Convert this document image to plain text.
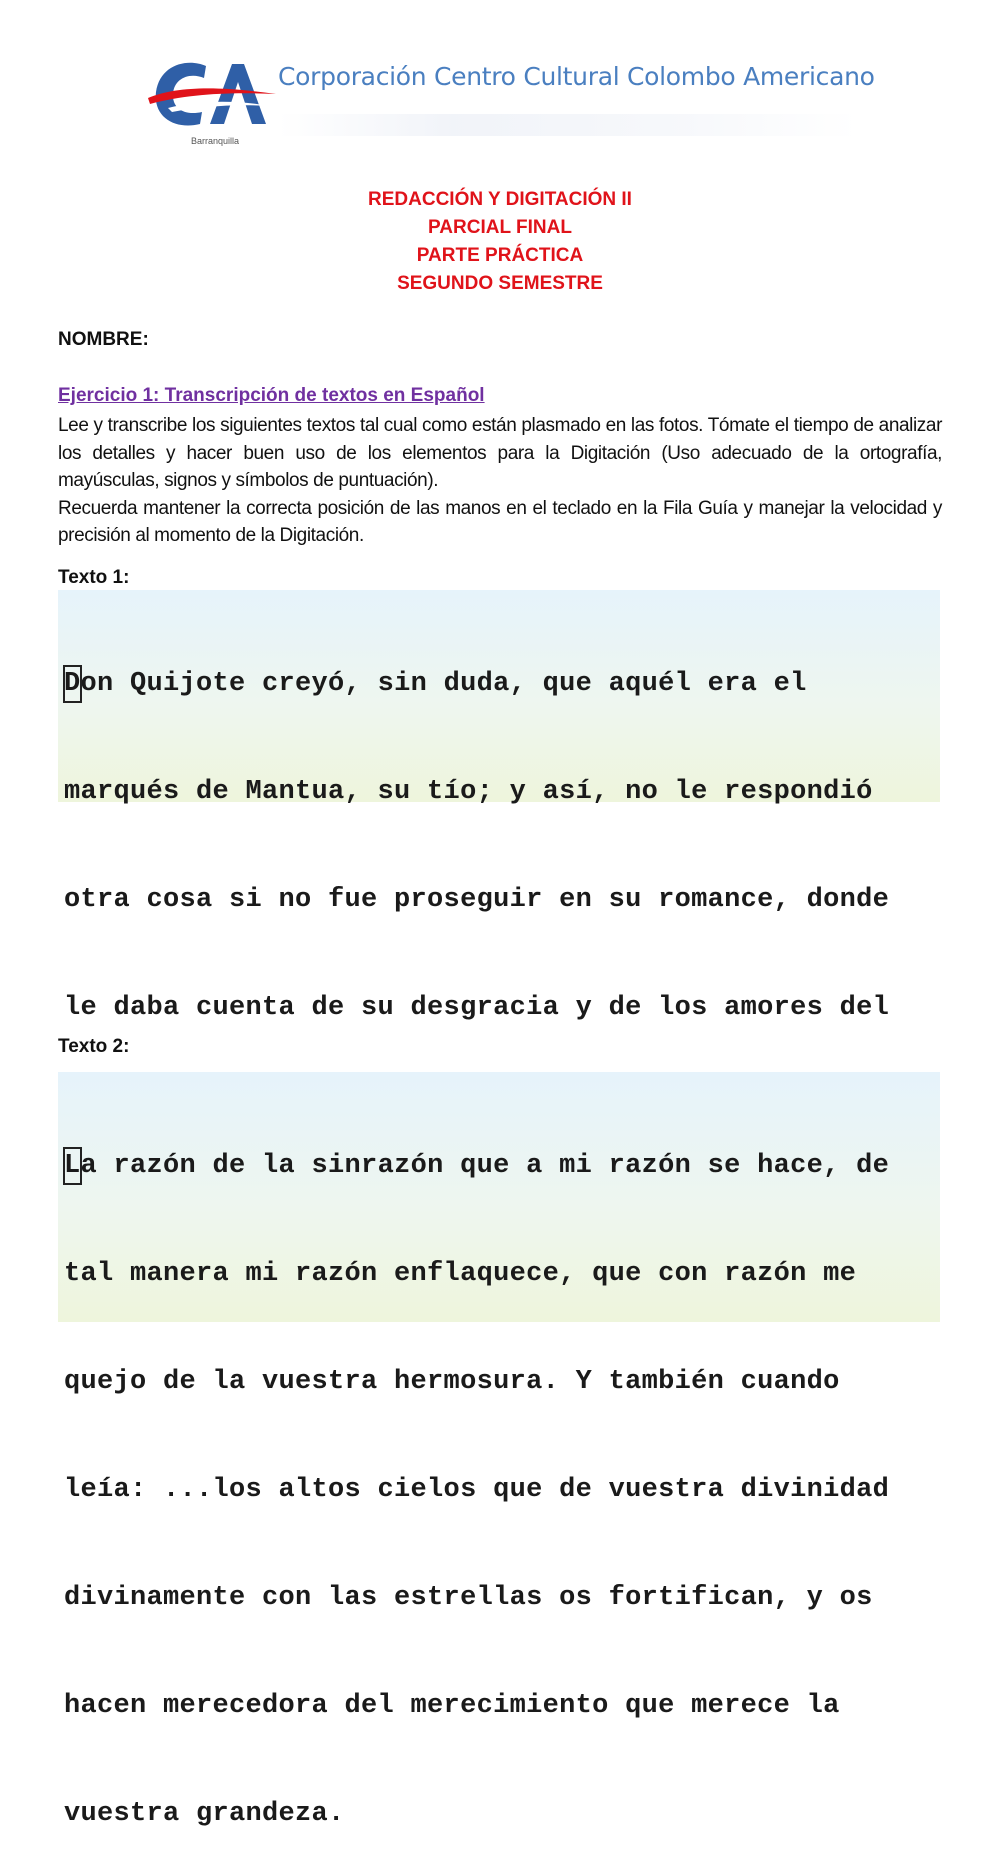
Barranquilla
Corporación Centro Cultural Colombo Americano
REDACCIÓN Y DIGITACIÓN II
PARCIAL FINAL
PARTE PRÁCTICA
SEGUNDO SEMESTRE
NOMBRE:
Ejercicio 1: Transcripción de textos en Español

Lee y transcribe los siguientes textos tal cual como están plasmado en las fotos. Tómate el tiempo de analizar los detalles y hacer buen uso de los elementos para la Digitación (Uso adecuado de la ortografía, mayúsculas, signos y símbolos de puntuación).

Recuerda mantener la correcta posición de las manos en el teclado en la Fila Guía y manejar la velocidad y precisión al momento de la Digitación.

Texto 1:

Don Quijote creyó, sin duda, que aquél era el

marqués de Mantua, su tío; y así, no le respondió

otra cosa si no fue proseguir en su romance, donde

le daba cuenta de su desgracia y de los amores del

Texto 2:

La razón de la sinrazón que a mi razón se hace, de

tal manera mi razón enflaquece, que con razón me

quejo de la vuestra hermosura. Y también cuando

leía: ...los altos cielos que de vuestra divinidad

divinamente con las estrellas os fortifican, y os

hacen merecedora del merecimiento que merece la

vuestra grandeza.
